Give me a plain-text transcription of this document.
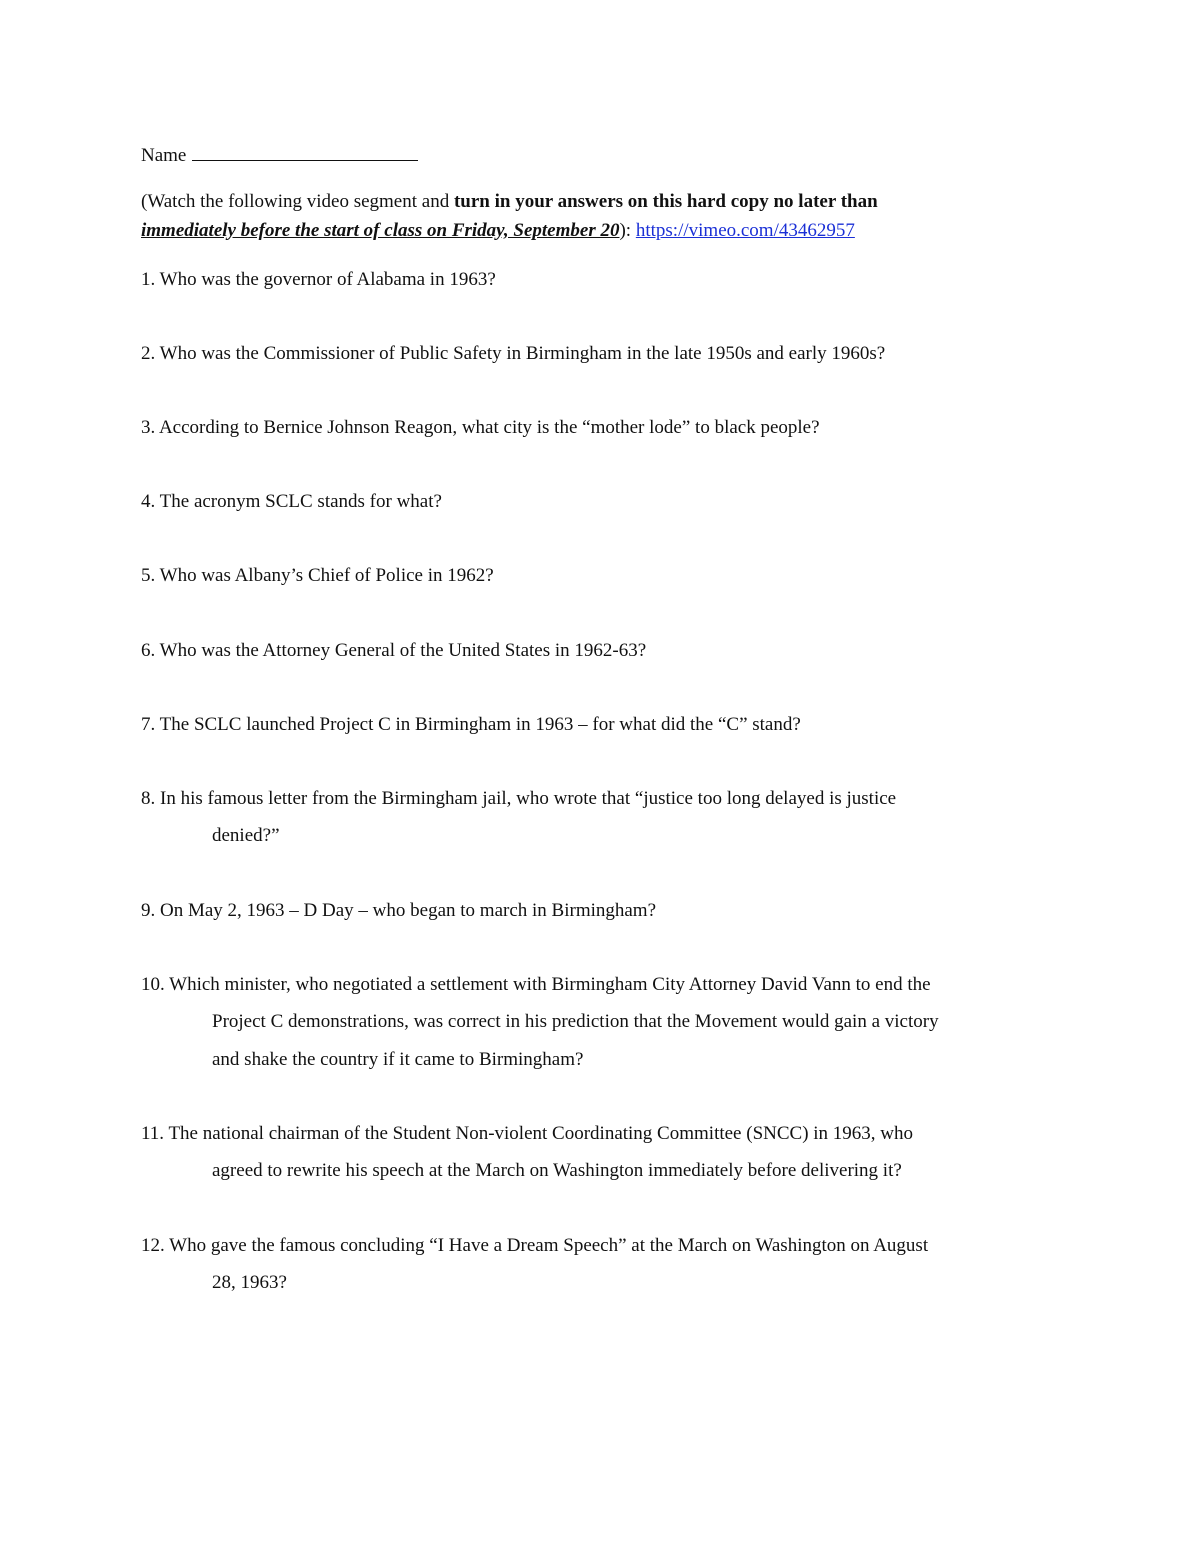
Name
(Watch the following video segment and turn in your answers on this hard copy no later than
immediately before the start of class on Friday, September 20): https://vimeo.com/43462957
1. Who was the governor of Alabama in 1963?
2. Who was the Commissioner of Public Safety in Birmingham in the late 1950s and early 1960s?
3. According to Bernice Johnson Reagon, what city is the “mother lode” to black people?
4. The acronym SCLC stands for what?
5. Who was Albany’s Chief of Police in 1962?
6. Who was the Attorney General of the United States in 1962-63?
7. The SCLC launched Project C in Birmingham in 1963 – for what did the “C” stand?
8. In his famous letter from the Birmingham jail, who wrote that “justice too long delayed is justice
denied?”
9. On May 2, 1963 – D Day – who began to march in Birmingham?
10. Which minister, who negotiated a settlement with Birmingham City Attorney David Vann to end the
Project C demonstrations, was correct in his prediction that the Movement would gain a victory
and shake the country if it came to Birmingham?
11. The national chairman of the Student Non-violent Coordinating Committee (SNCC) in 1963, who
agreed to rewrite his speech at the March on Washington immediately before delivering it?
12. Who gave the famous concluding “I Have a Dream Speech” at the March on Washington on August
28, 1963?
